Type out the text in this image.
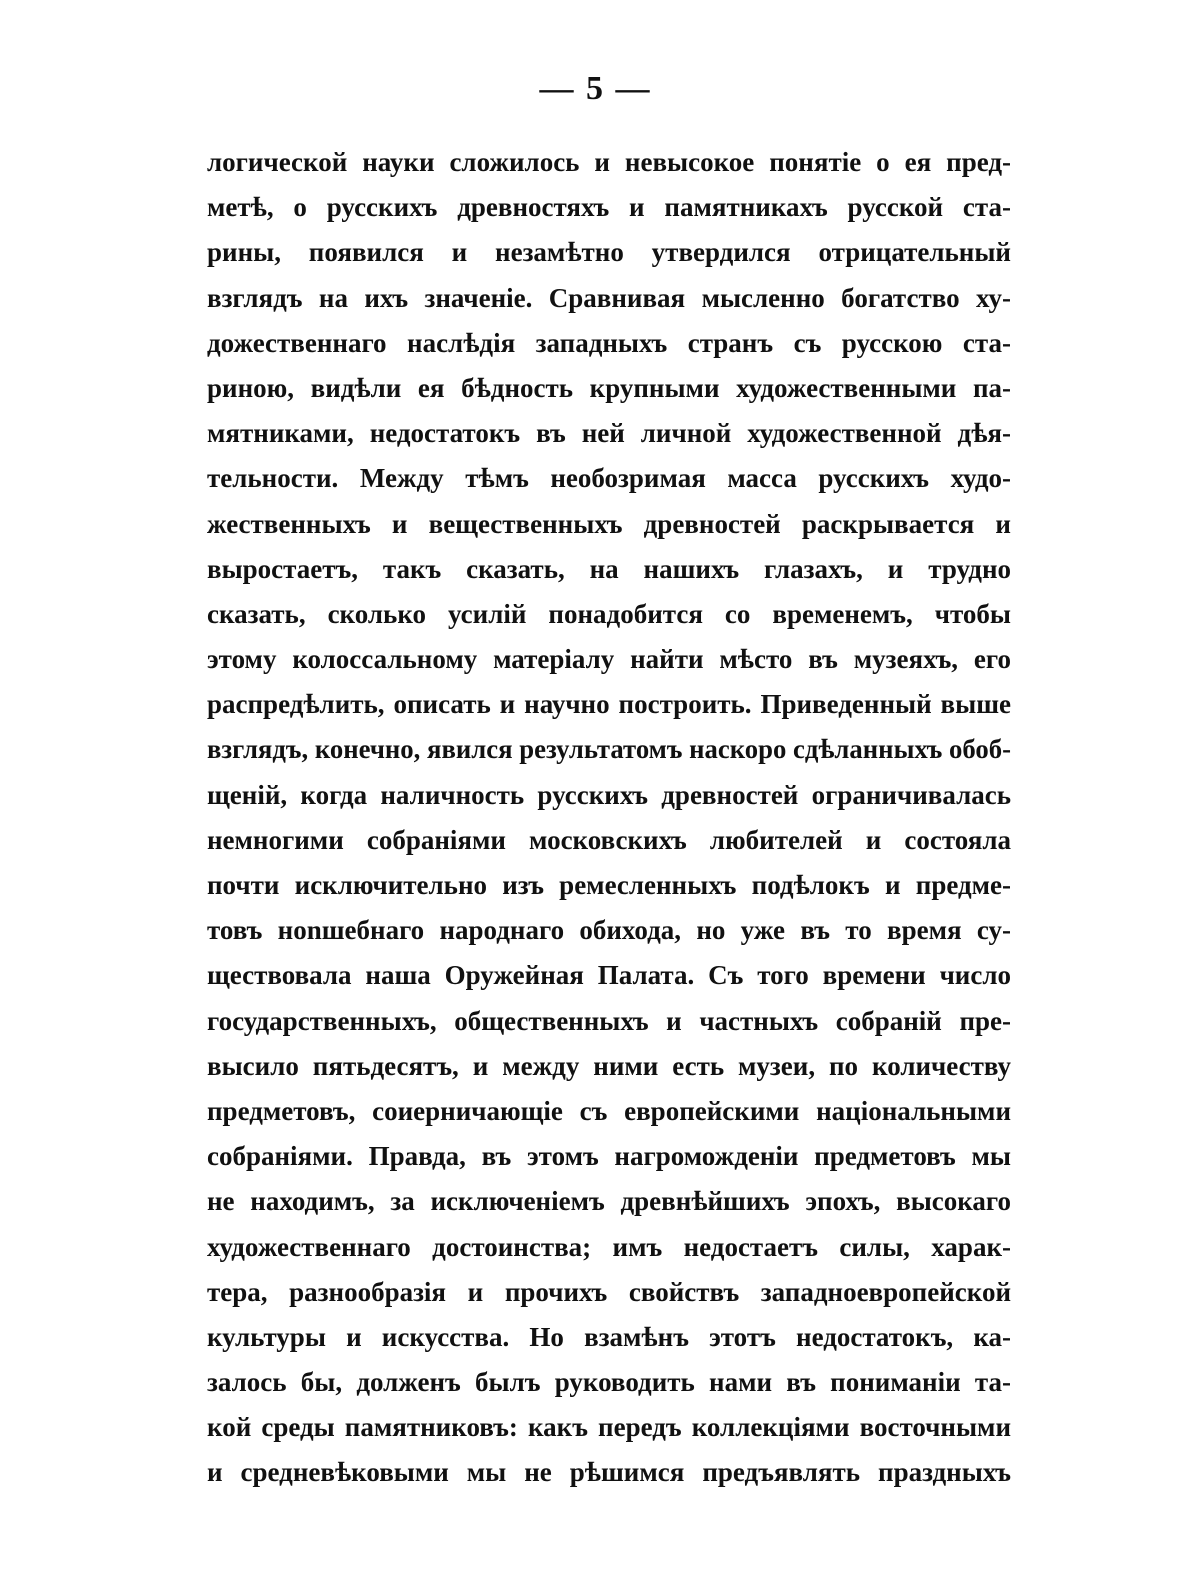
— 5 —
логической науки сложилось и невысокое понятіе о ея пред-
метѣ, о русскихъ древностяхъ и памятникахъ русской ста-
рины, появился и незамѣтно утвердился отрицательный
взглядъ на ихъ значеніе. Сравнивая мысленно богатство ху-
дожественнаго наслѣдія западныхъ странъ съ русскою ста-
риною, видѣли ея бѣдность крупными художественными па-
мятниками, недостатокъ въ ней личной художественной дѣя-
тельности. Между тѣмъ необозримая масса русскихъ худо-
жественныхъ и вещественныхъ древностей раскрывается и
выростаетъ, такъ сказать, на нашихъ глазахъ, и трудно
сказать, сколько усилій понадобится со временемъ, чтобы
этому колоссальному матеріалу найти мѣсто въ музеяхъ, его
распредѣлить, описать и научно построить. Приведенный выше
взглядъ, конечно, явился результатомъ наскоро сдѣланныхъ обоб-
щеній, когда наличность русскихъ древностей ограничивалась
немногими собраніями московскихъ любителей и состояла
почти исключительно изъ ремесленныхъ подѣлокъ и предме-
товъ нonшебнаго народнаго обихода, но уже въ то время су-
ществовала наша Оружейная Палата. Съ того времени число
государственныхъ, общественныхъ и частныхъ собраній пре-
высило пятьдесятъ, и между ними есть музеи, по количеству
предметовъ, соиерничающіе съ европейскими національными
собраніями. Правда, въ этомъ нагроможденіи предметовъ мы
не находимъ, за исключеніемъ древнѣйшихъ эпохъ, высокаго
художественнаго достоинства; имъ недостаетъ силы, харак-
тера, разнообразія и прочихъ свойствъ западноевропейской
культуры и искусства. Но взамѣнъ этотъ недостатокъ, ка-
залось бы, долженъ былъ руководить нами въ пониманіи та-
кой среды памятниковъ: какъ передъ коллекціями восточными
и средневѣковыми мы не рѣшимся предъявлять праздныхъ
